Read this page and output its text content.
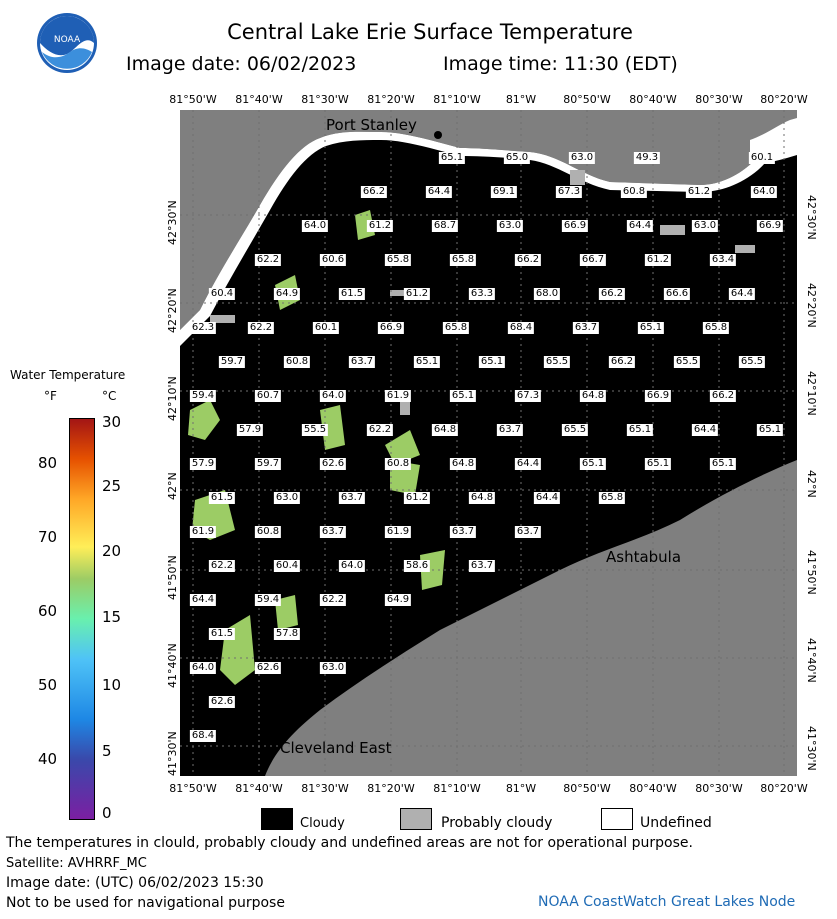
NOAA	Central Lake Erie Surface Temperature
Image date: 06/02/2023	Image time: 11:30 (EDT)
81°50'W 81°40'W 81°30'W 81°20'W 81°10'W 81°W 80°50'W 80°40'W 80°30'W 80°20'W
81°50'W 81°40'W 81°30'W 81°20'W 81°10'W 81°W 80°50'W 80°40'W 80°30'W 80°20'W
42°30'N
42°20'N
42°10'N
42°N
41°50'N
41°40'N
41°30'N
42°30'N
42°20'N
42°10'N
42°N
41°50'N
41°40'N
41°30'N
Port Stanley
Ashtabula
Cleveland East
65.1	65.0	63.0	49.3	60.1
66.2	64.4	69.1	67.3	60.8	61.2	64.0
64.0	61.2	68.7	63.0	66.9	64.4	63.0	66.9
62.2	60.6	65.8	65.8	66.2	66.7	61.2	63.4
60.4	64.9	61.5	61.2	63.3	68.0	66.2	66.6	64.4
62.3	62.2	60.1	66.9	65.8	68.4	63.7	65.1	65.8
59.7	60.8	63.7	65.1	65.1	65.5	66.2	65.5	65.5
59.4	60.7	64.0	61.9	65.1	67.3	64.8	66.9	66.2
57.9	55.5	62.2	64.8	63.7	65.5	65.1	64.4	65.1
57.9	59.7	62.6	60.8	64.8	64.4	65.1	65.1	65.1
61.5	63.0	63.7	61.2	64.8	64.4	65.8
61.9	60.8	63.7	61.9	63.7	63.7
62.2	60.4	64.0	58.6	63.7
64.4	59.4	62.2	64.9
61.5	57.8
64.0	62.6	63.0
62.6
68.4
Water Temperature
°F	°C
80
70
60
50
40
30
25
20
15
10
5
0
Cloudy	Probably cloudy	Undefined
The temperatures in clould, probably cloudy and undefined areas are not for operational purpose.
Satellite: AVHRRF_MC
Image date: (UTC) 06/02/2023 15:30
Not to be used for navigational purpose	NOAA CoastWatch Great Lakes Node
